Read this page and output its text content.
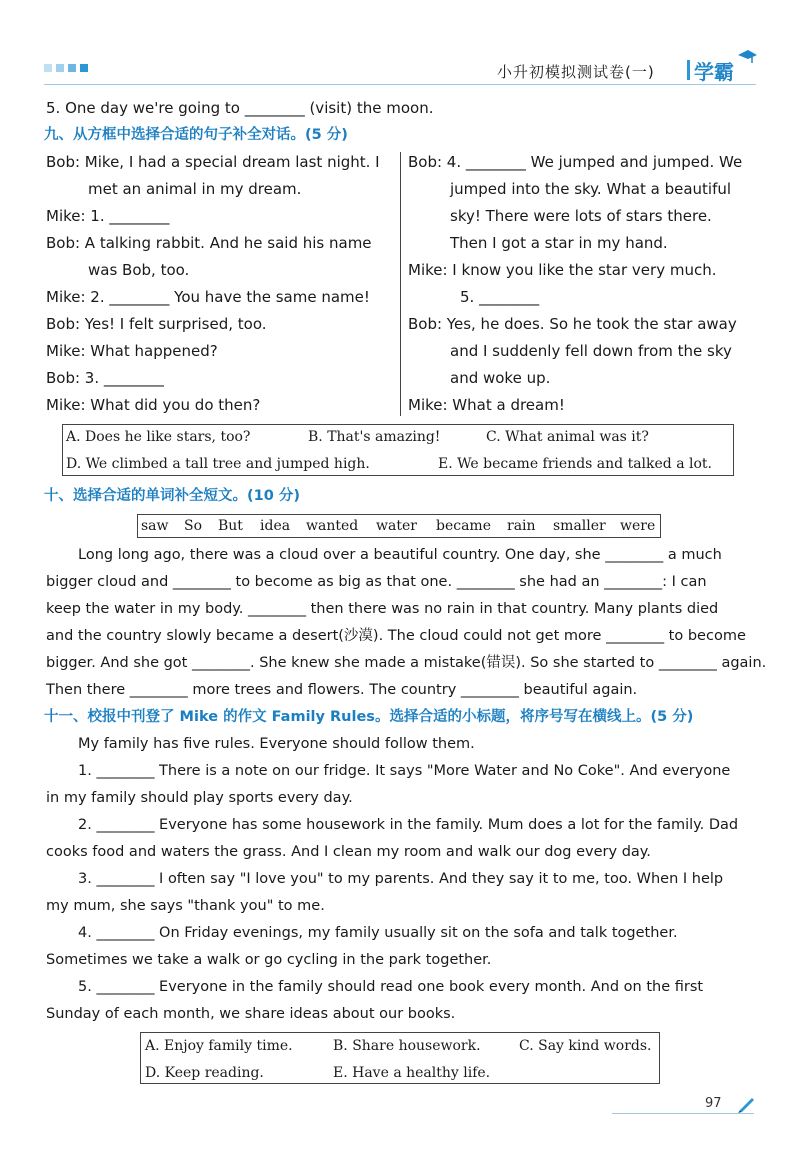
小升初模拟测试卷(一) 学霸
5. One day we're going to ________ (visit) the moon.
九、从方框中选择合适的句子补全对话。(5 分)
Bob: Mike, I had a special dream last night. I
met an animal in my dream.
Mike: 1. ________
Bob: A talking rabbit. And he said his name
was Bob, too.
Mike: 2. ________ You have the same name!
Bob: Yes! I felt surprised, too.
Mike: What happened?
Bob: 3. ________
Mike: What did you do then?
Bob: 4. ________ We jumped and jumped. We
jumped into the sky. What a beautiful
sky! There were lots of stars there.
Then I got a star in my hand.
Mike: I know you like the star very much.
5. ________
Bob: Yes, he does. So he took the star away
and I suddenly fell down from the sky
and woke up.
Mike: What a dream!
A. Does he like stars, too?	B. That's amazing!	C. What animal was it?
D. We climbed a tall tree and jumped high.	E. We became friends and talked a lot.
十、选择合适的单词补全短文。(10 分)
saw So But idea wanted water became rain smaller were
Long long ago, there was a cloud over a beautiful country. One day, she ________ a much
bigger cloud and ________ to become as big as that one. ________ she had an ________: I can
keep the water in my body. ________ then there was no rain in that country. Many plants died
and the country slowly became a desert(沙漠). The cloud could not get more ________ to become
bigger. And she got ________. She knew she made a mistake(错误). So she started to ________ again.
Then there ________ more trees and flowers. The country ________ beautiful again.
十一、校报中刊登了 Mike 的作文 Family Rules。选择合适的小标题，将序号写在横线上。(5 分)
My family has five rules. Everyone should follow them.
1. ________ There is a note on our fridge. It says "More Water and No Coke". And everyone
in my family should play sports every day.
2. ________ Everyone has some housework in the family. Mum does a lot for the family. Dad
cooks food and waters the grass. And I clean my room and walk our dog every day.
3. ________ I often say "I love you" to my parents. And they say it to me, too. When I help
my mum, she says "thank you" to me.
4. ________ On Friday evenings, my family usually sit on the sofa and talk together.
Sometimes we take a walk or go cycling in the park together.
5. ________ Everyone in the family should read one book every month. And on the first
Sunday of each month, we share ideas about our books.
A. Enjoy family time.	B. Share housework.	C. Say kind words.
D. Keep reading.	E. Have a healthy life.
97
